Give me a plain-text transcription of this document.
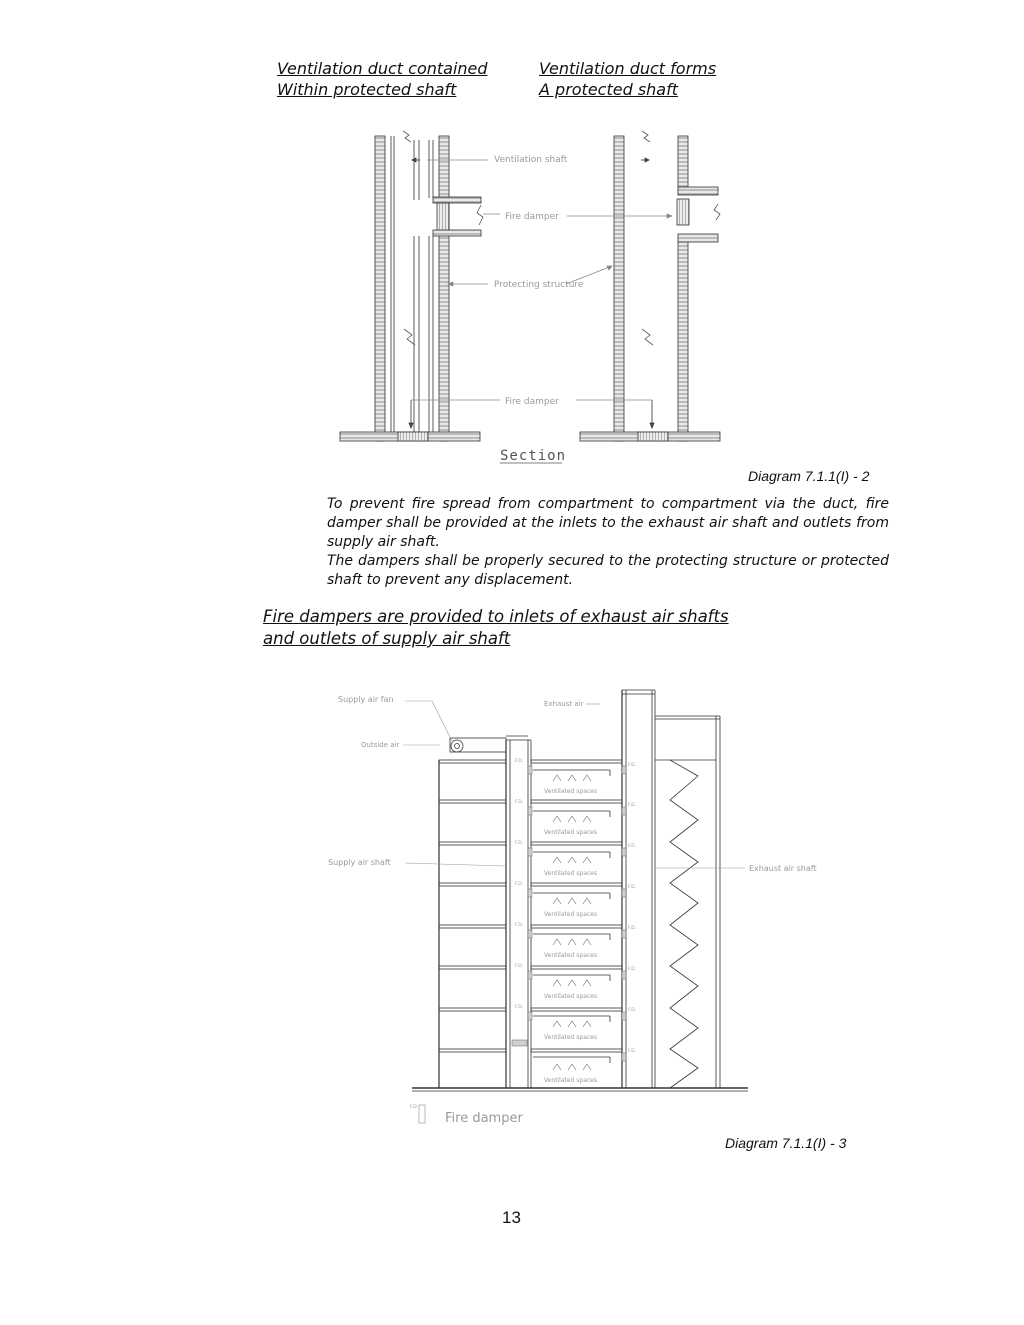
Ventilation duct contained
Within protected shaft
Ventilation duct forms
A protected shaft
Ventilation shaft
Fire damper
Protecting structure
Fire damper
Section
Diagram 7.1.1(I) - 2

To prevent fire spread from compartment to compartment via the duct, fire damper shall be provided at the inlets to the exhaust air shaft and outlets from supply air shaft.

The dampers shall be properly secured to the protecting structure or protected shaft to prevent any displacement.

Fire dampers are provided to inlets of exhaust air shafts
and outlets of supply air shaft
Supply air fan	Exhaust air
Outside air
Supply air shaft
Exhaust air shaft
Ventilated spaces
Ventilated spaces
Ventilated spaces
Ventilated spaces
Ventilated spaces
Ventilated spaces
Ventilated spaces
Ventilated spaces
F.D.
F.D.
F.D.
F.D.
F.D.
F.D.
F.D.
F.D.
F.D.
F.D.
F.D.
F.D.
F.D.
F.D.
F.D.
F.D.
Fire damper
Diagram 7.1.1(I) - 3
13
